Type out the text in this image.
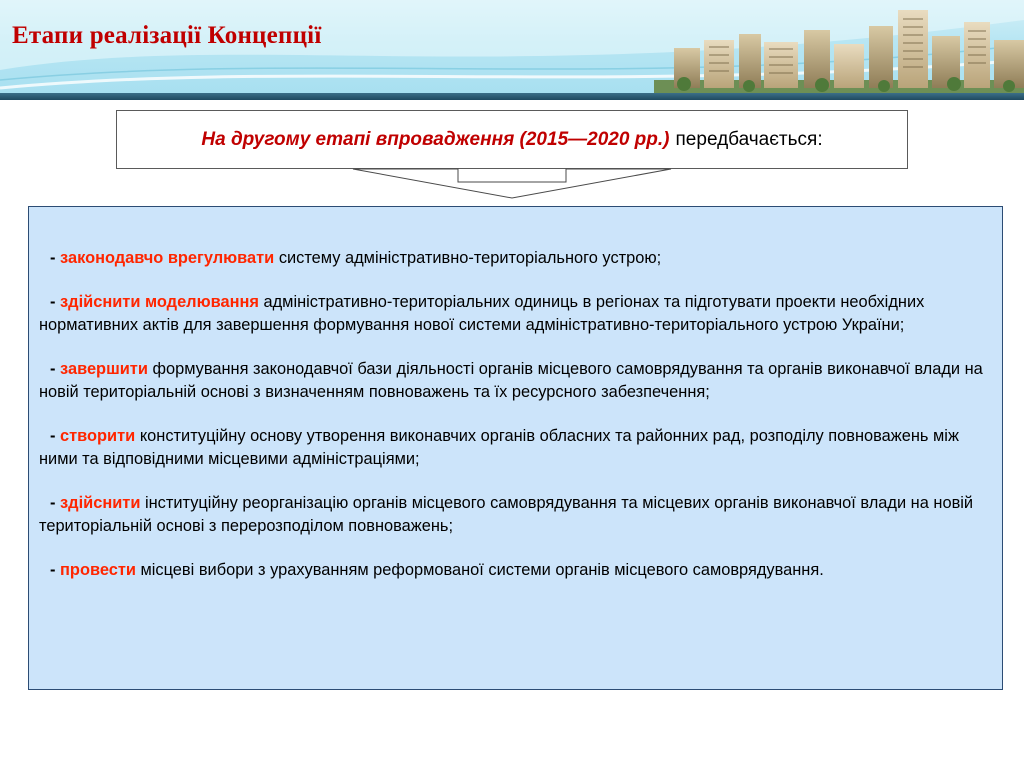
Етапи реалізації Концепції
На другому етапі впровадження (2015—2020 рр.) передбачається:

- законодавчо врегулювати систему адміністративно-територіального устрою;

- здійснити моделювання адміністративно-територіальних одиниць в регіонах та підготувати проекти необхідних нормативних актів для завершення формування нової системи адміністративно-територіального устрою України;

- завершити формування законодавчої бази діяльності органів місцевого самоврядування та органів виконавчої влади на новій територіальній основі з визначенням повноважень та їх ресурсного забезпечення;

- створити конституційну основу утворення виконавчих органів обласних та районних рад, розподілу повноважень між ними та відповідними місцевими адміністраціями;

- здійснити інституційну реорганізацію органів місцевого самоврядування та місцевих органів виконавчої влади на новій територіальній основі з перерозподілом повноважень;

- провести місцеві вибори з урахуванням реформованої системи органів місцевого самоврядування.
